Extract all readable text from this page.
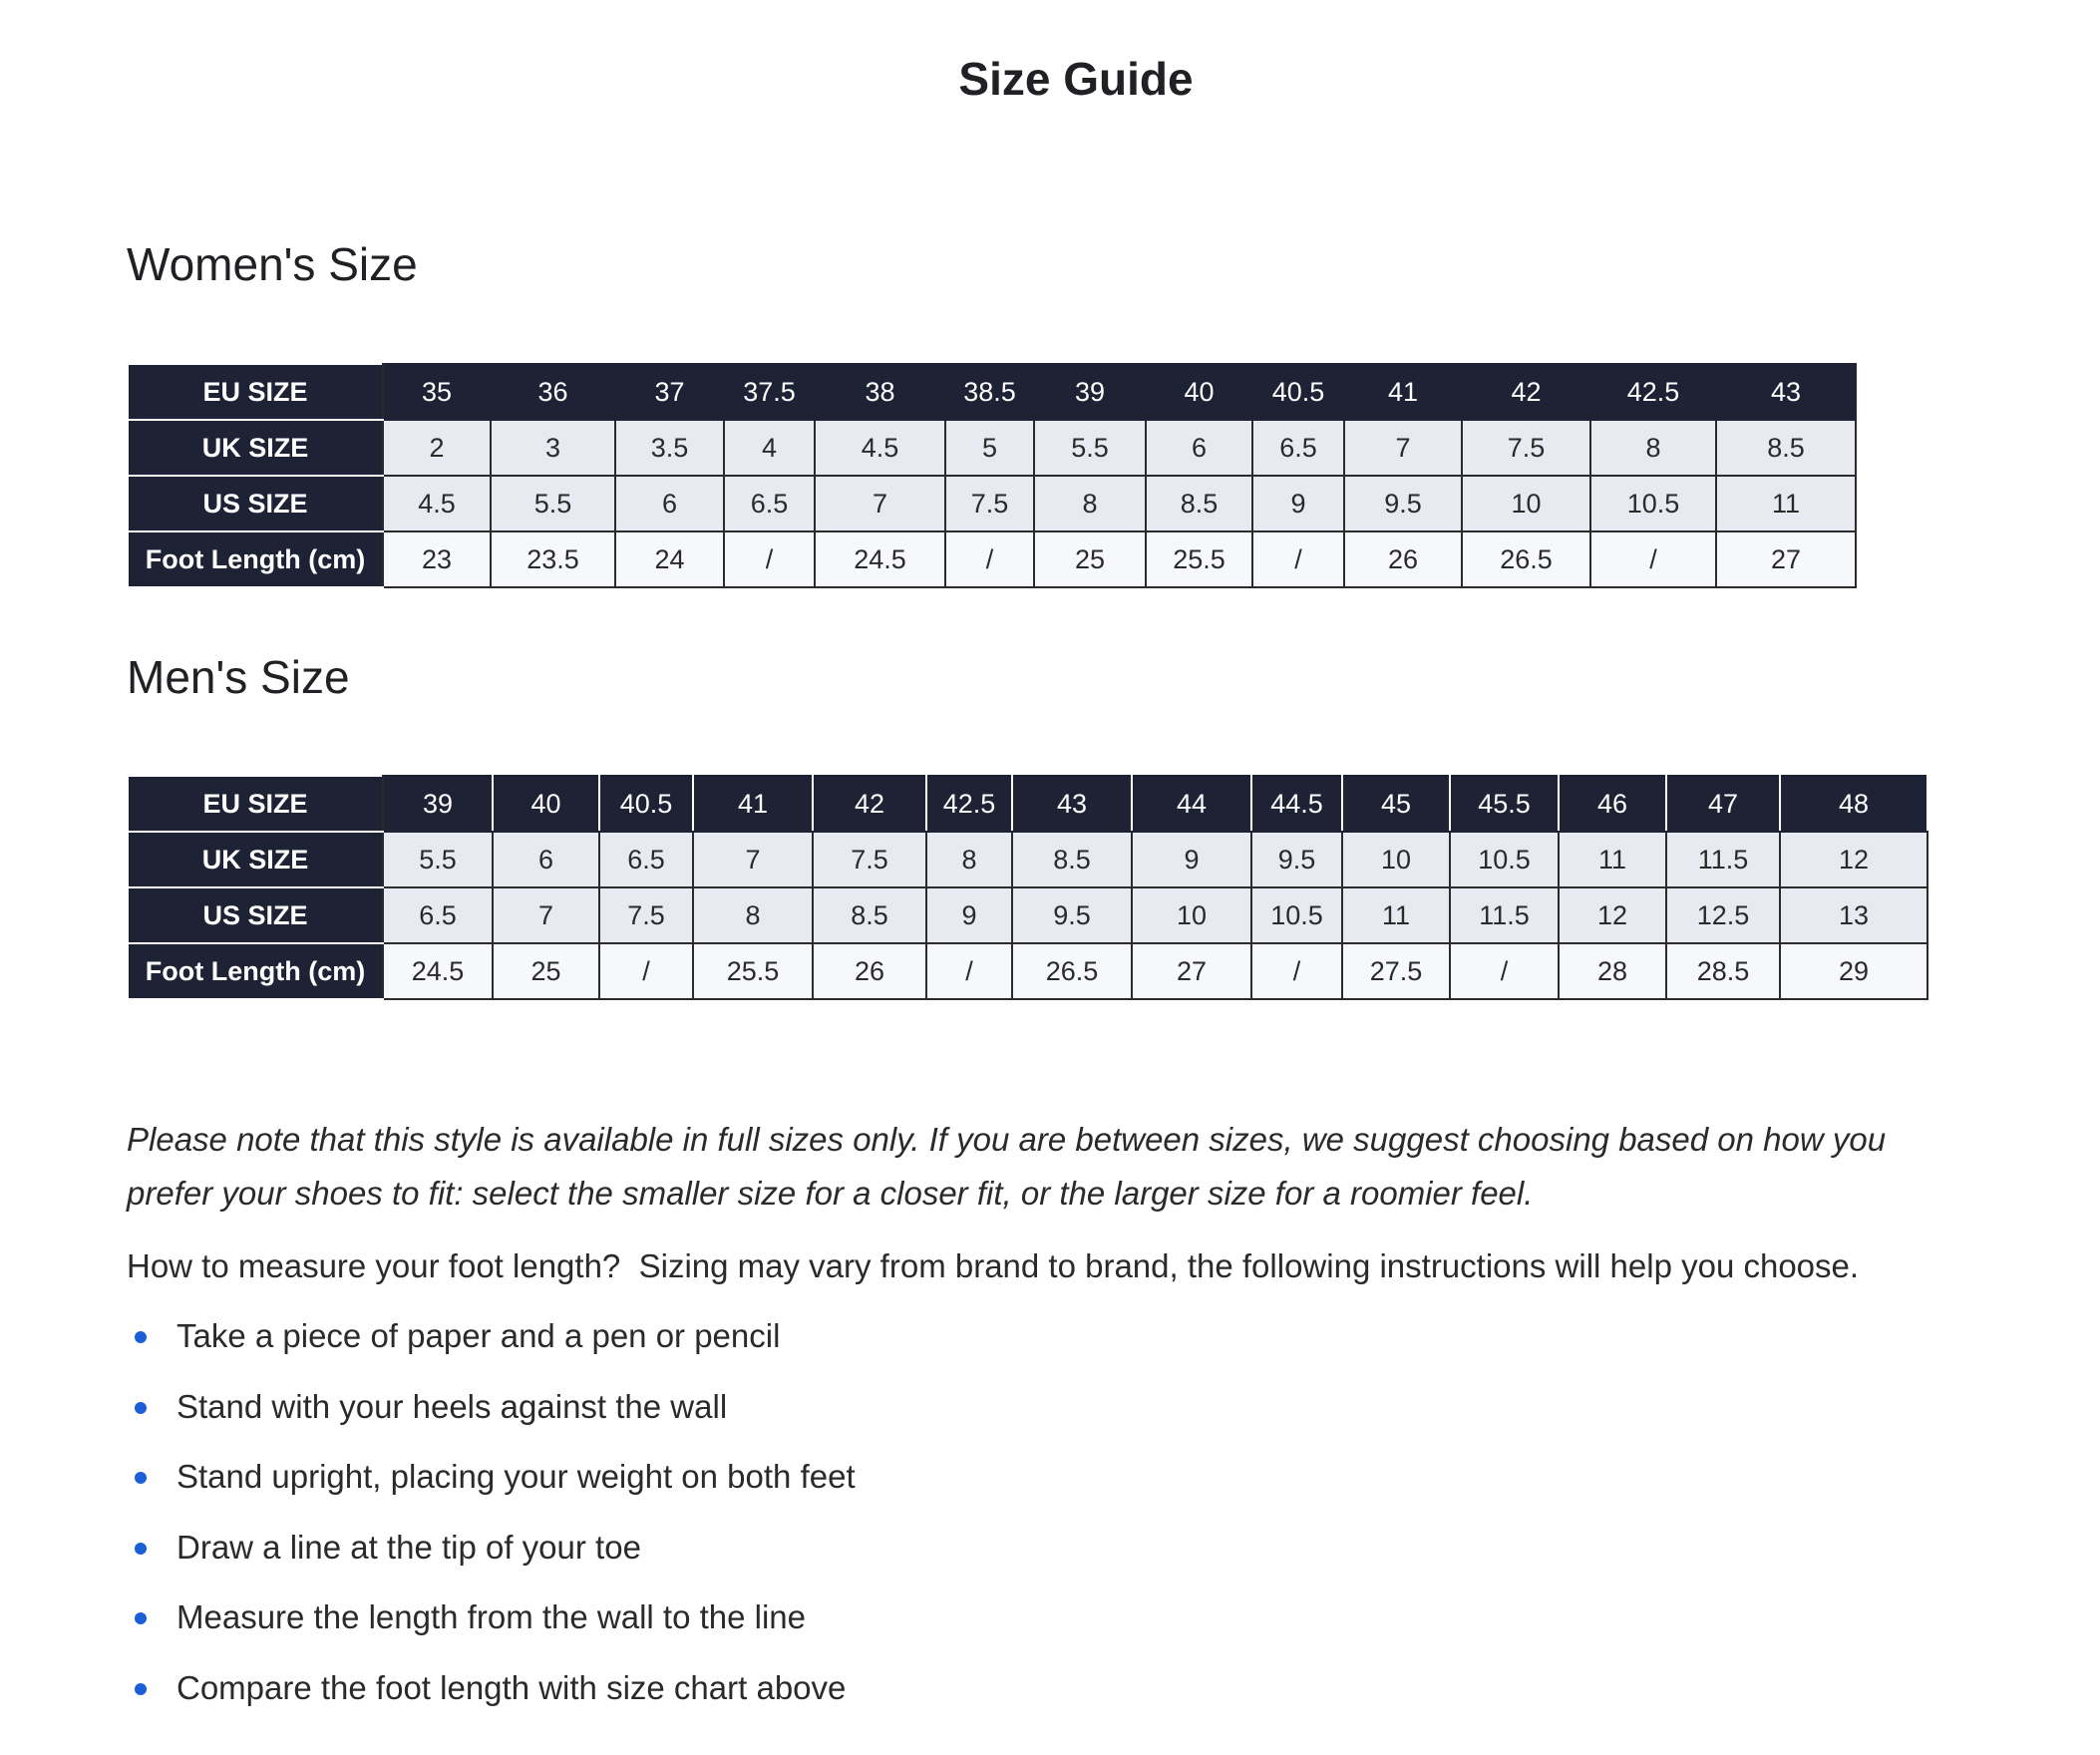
Size Guide
Women's Size
EU SIZE	35	36	37	37.5	38	38.5	39	40	40.5	41	42	42.5	43
UK SIZE	2	3	3.5	4	4.5	5	5.5	6	6.5	7	7.5	8	8.5
US SIZE	4.5	5.5	6	6.5	7	7.5	8	8.5	9	9.5	10	10.5	11
Foot Length (cm)	23	23.5	24	/	24.5	/	25	25.5	/	26	26.5	/	27
Men's Size
EU SIZE	39	40	40.5	41	42	42.5	43	44	44.5	45	45.5	46	47	48
UK SIZE	5.5	6	6.5	7	7.5	8	8.5	9	9.5	10	10.5	11	11.5	12
US SIZE	6.5	7	7.5	8	8.5	9	9.5	10	10.5	11	11.5	12	12.5	13
Foot Length (cm)	24.5	25	/	25.5	26	/	26.5	27	/	27.5	/	28	28.5	29

Please note that this style is available in full sizes only. If you are between sizes, we suggest choosing based on how you prefer your shoes to fit: select the smaller size for a closer fit, or the larger size for a roomier feel.

How to measure your foot length?  Sizing may vary from brand to brand, the following instructions will help you choose.

Take a piece of paper and a pen or pencil
Stand with your heels against the wall
Stand upright, placing your weight on both feet
Draw a line at the tip of your toe
Measure the length from the wall to the line
Compare the foot length with size chart above
